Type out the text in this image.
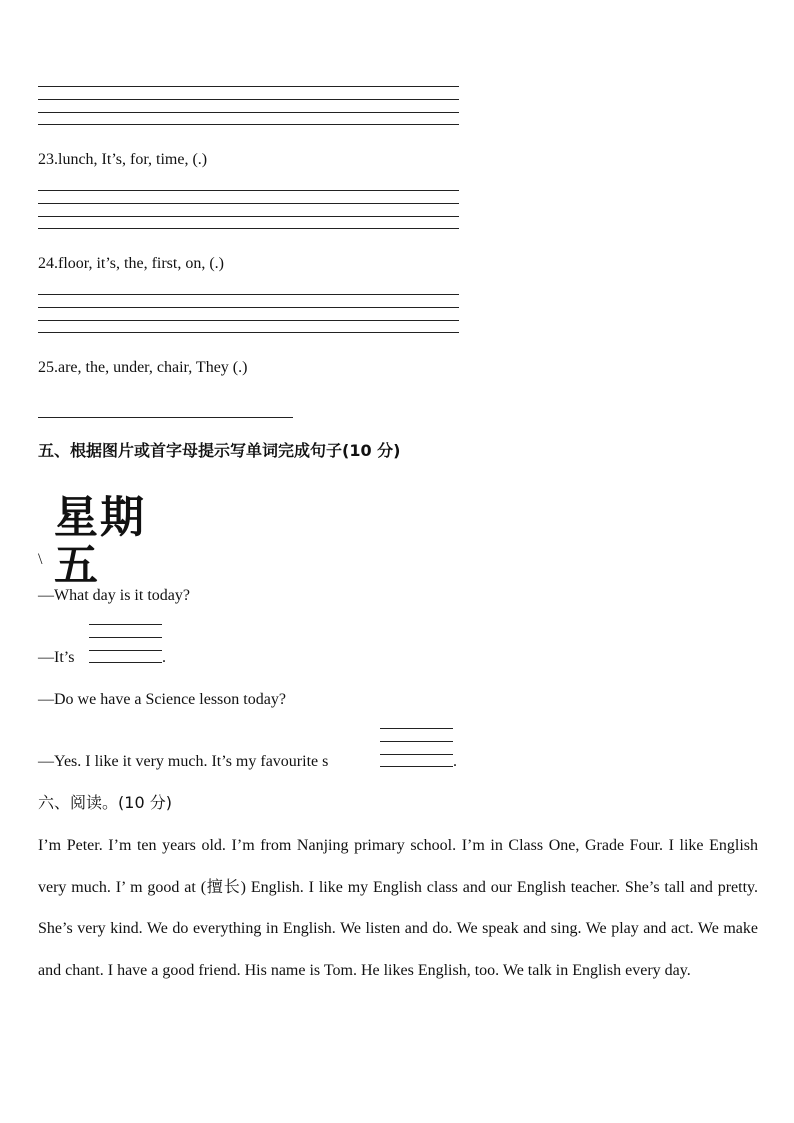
23.lunch, It’s, for, time, (.)
24.floor, it’s, the, first, on, (.)
25.are, the, under, chair, They (.)
五、根据图片或首字母提示写单词完成句子(10 分)
星期五
\
—What day is it today?
—It’s	.
—Do we have a Science lesson today?
—Yes. I like it very much. It’s my favourite s	.
六、阅读。(10 分)
I’m Peter. I’m ten years old. I’m from Nanjing primary school. I’m in Class One, Grade Four. I like English very much. I’ m good at (擅长) English. I like my English class and our English teacher. She’s tall and pretty. She’s very kind. We do everything in English. We listen and do. We speak and sing. We play and act. We make and chant. I have a good friend. His name is Tom. He likes English, too. We talk in English every day.
